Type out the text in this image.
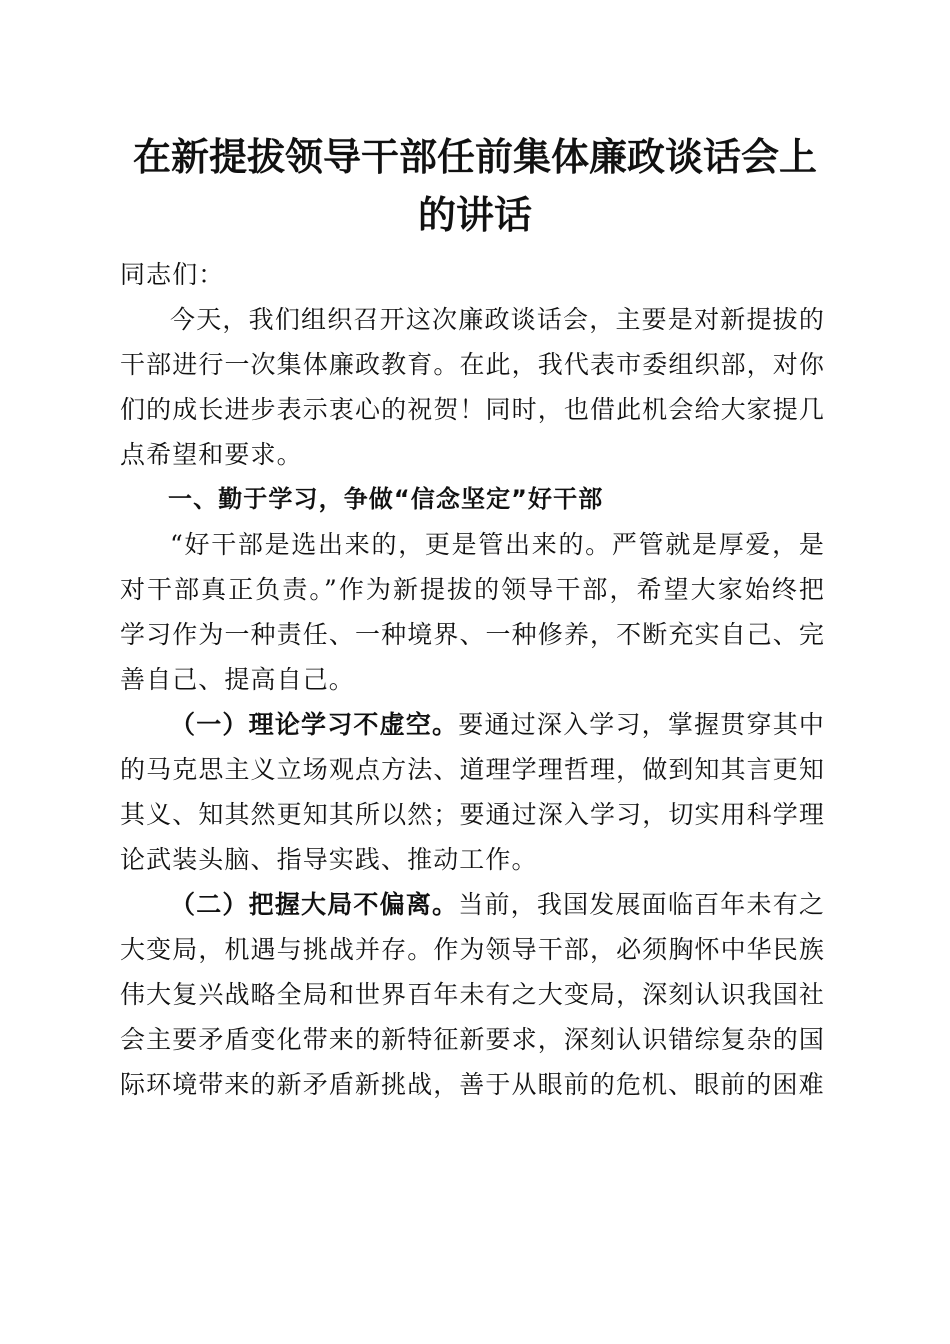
在新提拔领导干部任前集体廉政谈话会上的讲话

同志们：

今天，我们组织召开这次廉政谈话会，主要是对新提拔的干部进行一次集体廉政教育。在此，我代表市委组织部，对你们的成长进步表示衷心的祝贺！同时，也借此机会给大家提几点希望和要求。

一、勤于学习，争做“信念坚定”好干部

“好干部是选出来的，更是管出来的。严管就是厚爱，是对干部真正负责。”作为新提拔的领导干部，希望大家始终把学习作为一种责任、一种境界、一种修养，不断充实自己、完善自己、提高自己。

（一）理论学习不虚空。要通过深入学习，掌握贯穿其中的马克思主义立场观点方法、道理学理哲理，做到知其言更知其义、知其然更知其所以然；要通过深入学习，切实用科学理论武装头脑、指导实践、推动工作。

（二）把握大局不偏离。当前，我国发展面临百年未有之大变局，机遇与挑战并存。作为领导干部，必须胸怀中华民族伟大复兴战略全局和世界百年未有之大变局，深刻认识我国社会主要矛盾变化带来的新特征新要求，深刻认识错综复杂的国际环境带来的新矛盾新挑战，善于从眼前的危机、眼前的困难
